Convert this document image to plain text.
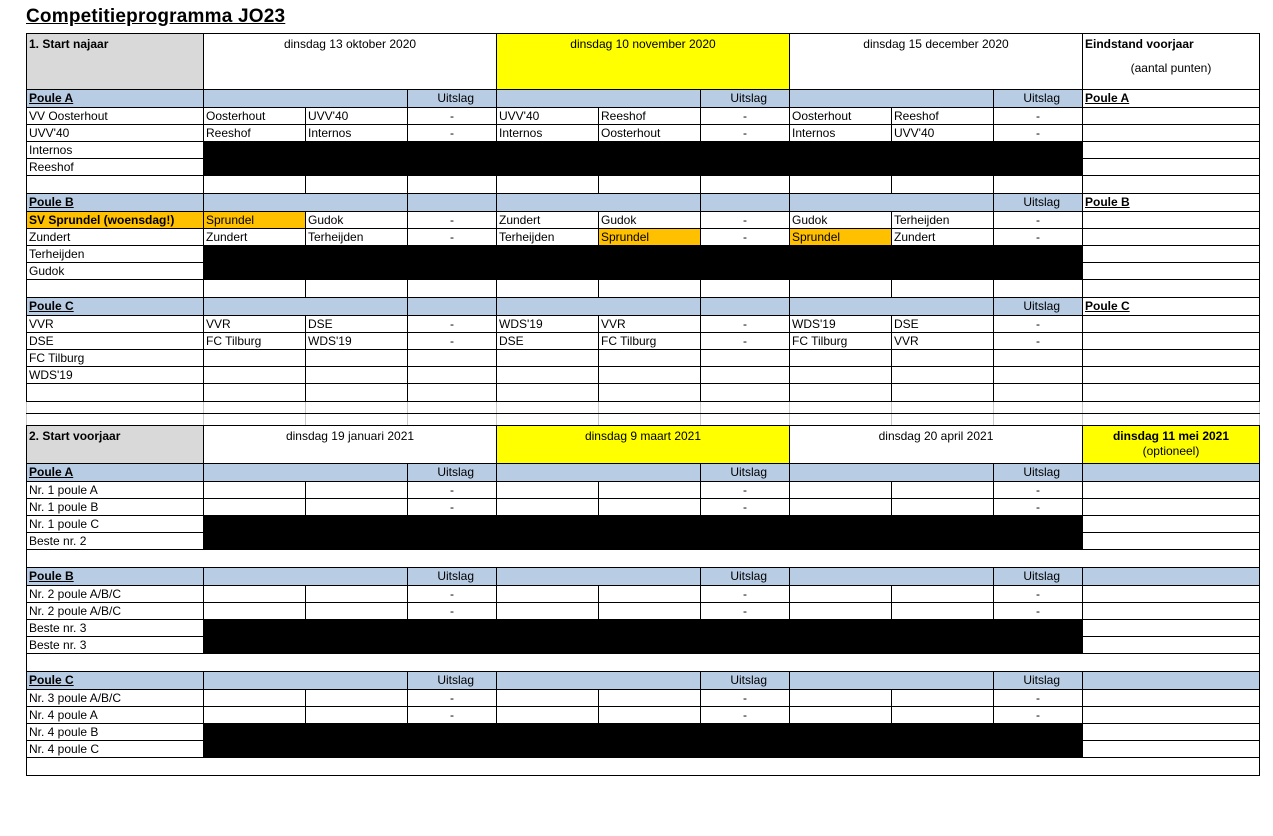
Competitieprogramma JO23
1. Start najaar	dinsdag 13 oktober 2020			dinsdag 10 november 2020			dinsdag 15 december 2020			Eindstand voorjaar
(aantal punten)

Poule A			Uitslag			Uitslag			Uitslag	Poule A
VV Oosterhout	Oosterhout	UVV'40	-	UVV'40	Reeshof	-	Oosterhout	Reeshof	-	
UVV'40	Reeshof	Internos	-	Internos	Oosterhout	-	Internos	UVV'40	-	
Internos										
Reeshof										

Poule B									Uitslag	Poule B
SV Sprundel (woensdag!)	Sprundel	Gudok	-	Zundert	Gudok	-	Gudok	Terheijden	-	
Zundert	Zundert	Terheijden	-	Terheijden	Sprundel	-	Sprundel	Zundert	-	
Terheijden										
Gudok										

Poule C									Uitslag	Poule C
VVR	VVR	DSE	-	WDS'19	VVR	-	WDS'19	DSE	-	
DSE	FC Tilburg	WDS'19	-	DSE	FC Tilburg	-	FC Tilburg	VVR	-	
FC Tilburg										
WDS'19										

2. Start voorjaar	dinsdag 19 januari 2021			dinsdag 9 maart 2021			dinsdag 20 april 2021			dinsdag 11 mei 2021
(optioneel)

Poule A			Uitslag			Uitslag			Uitslag	
Nr. 1 poule A			-			-			-	
Nr. 1 poule B			-			-			-	
Nr. 1 poule C										
Beste nr. 2										

Poule B			Uitslag			Uitslag			Uitslag	
Nr. 2 poule A/B/C			-			-			-	
Nr. 2 poule A/B/C			-			-			-	
Beste nr. 3										
Beste nr. 3										

Poule C			Uitslag			Uitslag			Uitslag	
Nr. 3 poule A/B/C			-			-			-	
Nr. 4 poule A			-			-			-	
Nr. 4 poule B										
Nr. 4 poule C										
